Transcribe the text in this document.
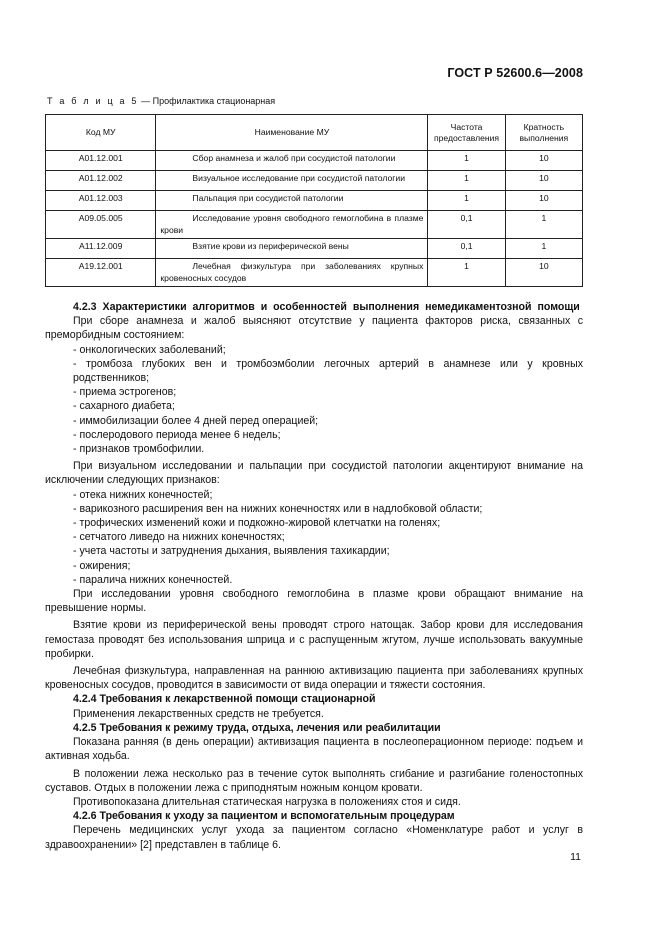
ГОСТ Р 52600.6—2008
Т а б л и ц а 5 — Профилактика стационарная
Код МУ	Наименование МУ	Частота предоставления	Кратность выполнения
A01.12.001	Сбор анамнеза и жалоб при сосудистой патологии	1	10
A01.12.002	Визуальное исследование при сосудистой патологии	1	10
A01.12.003	Пальпация при сосудистой патологии	1	10
A09.05.005	Исследование уровня свободного гемоглобина в плазме крови	0,1	1
A11.12.009	Взятие крови из периферической вены	0,1	1
A19.12.001	Лечебная физкультура при заболеваниях крупных кровеносных сосудов	1	10

4.2.3 Характеристики алгоритмов и особенностей выполнения немедикаментозной помощи

При сборе анамнеза и жалоб выясняют отсутствие у пациента факторов риска, связанных с преморбидным состоянием:

- онкологических заболеваний;

- тромбоза глубоких вен и тромбоэмболии легочных артерий в анамнезе или у кровных родственников;

- приема эстрогенов;

- сахарного диабета;

- иммобилизации более 4 дней перед операцией;

- послеродового периода менее 6 недель;

- признаков тромбофилии.

При визуальном исследовании и пальпации при сосудистой патологии акцентируют внимание на исключении следующих признаков:

- отека нижних конечностей;

- варикозного расширения вен на нижних конечностях или в надлобковой области;

- трофических изменений кожи и подкожно-жировой клетчатки на голенях;

- сетчатого ливедо на нижних конечностях;

- учета частоты и затруднения дыхания, выявления тахикардии;

- ожирения;

- паралича нижних конечностей.

При исследовании уровня свободного гемоглобина в плазме крови обращают внимание на превышение нормы.

Взятие крови из периферической вены проводят строго натощак. Забор крови для исследования гемостаза проводят без использования шприца и с распущенным жгутом, лучше использовать вакуумные пробирки.

Лечебная физкультура, направленная на раннюю активизацию пациента при заболеваниях крупных кровеносных сосудов, проводится в зависимости от вида операции и тяжести состояния.

4.2.4 Требования к лекарственной помощи стационарной

Применения лекарственных средств не требуется.

4.2.5 Требования к режиму труда, отдыха, лечения или реабилитации

Показана ранняя (в день операции) активизация пациента в послеоперационном периоде: подъем и активная ходьба.

В положении лежа несколько раз в течение суток выполнять сгибание и разгибание голеностопных суставов. Отдых в положении лежа с приподнятым ножным концом кровати.

Противопоказана длительная статическая нагрузка в положениях стоя и сидя.

4.2.6 Требования к уходу за пациентом и вспомогательным процедурам

Перечень медицинских услуг ухода за пациентом согласно «Номенклатуре работ и услуг в здравоохранении» [2] представлен в таблице 6.

11
